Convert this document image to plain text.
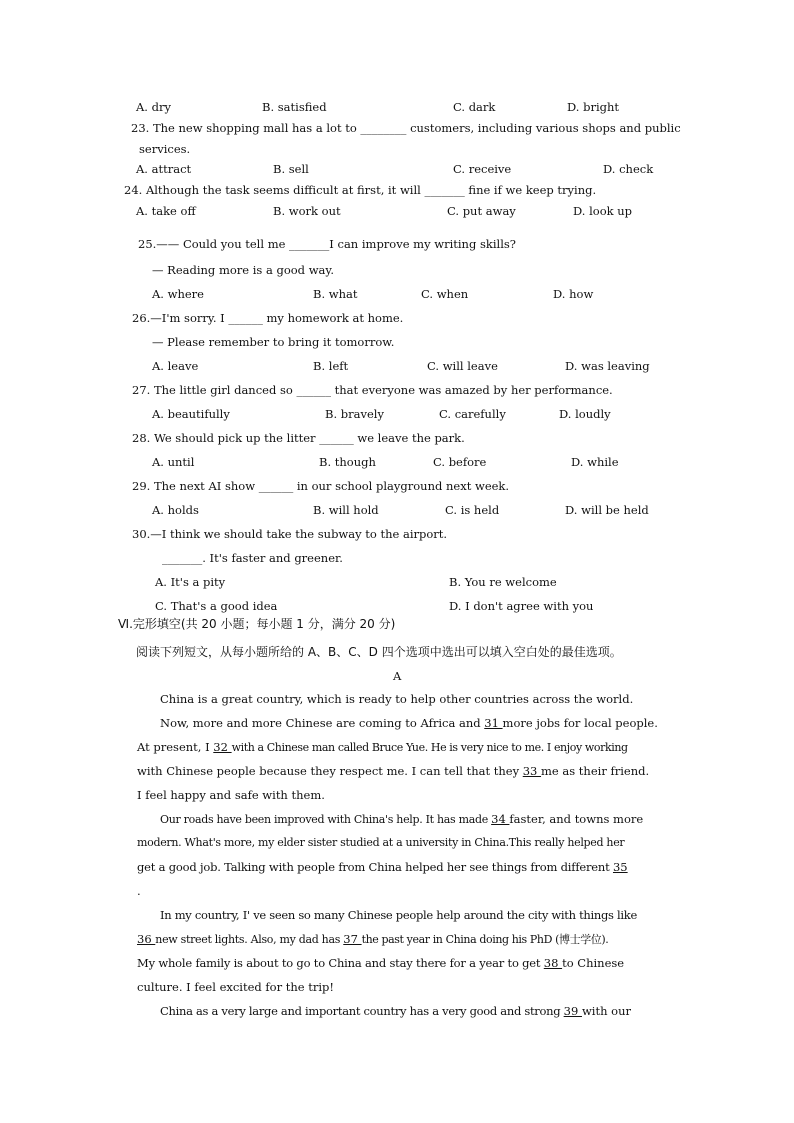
A. dry	B. satisfied	C. dark	D. bright
23. The new shopping mall has a lot to ________ customers, including various shops and public
services.
A. attract	B. sell	C. receive	D. check
24. Although the task seems difficult at first, it will _______ fine if we keep trying.
A. take off	B. work out	C. put away	D. look up
25.—— Could you tell me _______I can improve my writing skills?
— Reading more is a good way.
A. where	B. what	C. when	D. how
26.—I'm sorry. I ______ my homework at home.
— Please remember to bring it tomorrow.
A. leave	B. left	C. will leave	D. was leaving
27. The little girl danced so ______ that everyone was amazed by her performance.
A. beautifully	B. bravely	C. carefully	D. loudly
28. We should pick up the litter ______ we leave the park.
A. until	B. though	C. before	D. while
29. The next AI show ______ in our school playground next week.
A. holds	B. will hold	C. is held	D. will be held
30.—I think we should take the subway to the airport.
_______. It's faster and greener.
A. It's a pity	B. You re welcome
C. That's a good idea	D. I don't agree with you
Ⅵ.完形填空(共 20 小题；每小题 1 分，满分 20 分)
阅读下列短文，从每小题所给的 A、B、C、D 四个选项中选出可以填入空白处的最佳选项。
A
China is a great country, which is ready to help other countries across the world.
Now, more and more Chinese are coming to Africa and 31 more jobs for local people.
At present, I 32 with a Chinese man called Bruce Yue. He is very nice to me. I enjoy working
with Chinese people because they respect me. I can tell that they 33 me as their friend.
I feel happy and safe with them.
Our roads have been improved with China's help. It has made 34 faster, and towns more
modern. What's more, my elder sister studied at a university in China.This really helped her
get a good job. Talking with people from China helped her see things from different 35
.
In my country, I' ve seen so many Chinese people help around the city with things like
36 new street lights. Also, my dad has 37 the past year in China doing his PhD (博士学位).
My whole family is about to go to China and stay there for a year to get 38 to Chinese
culture. I feel excited for the trip!
China as a very large and important country has a very good and strong 39 with our
